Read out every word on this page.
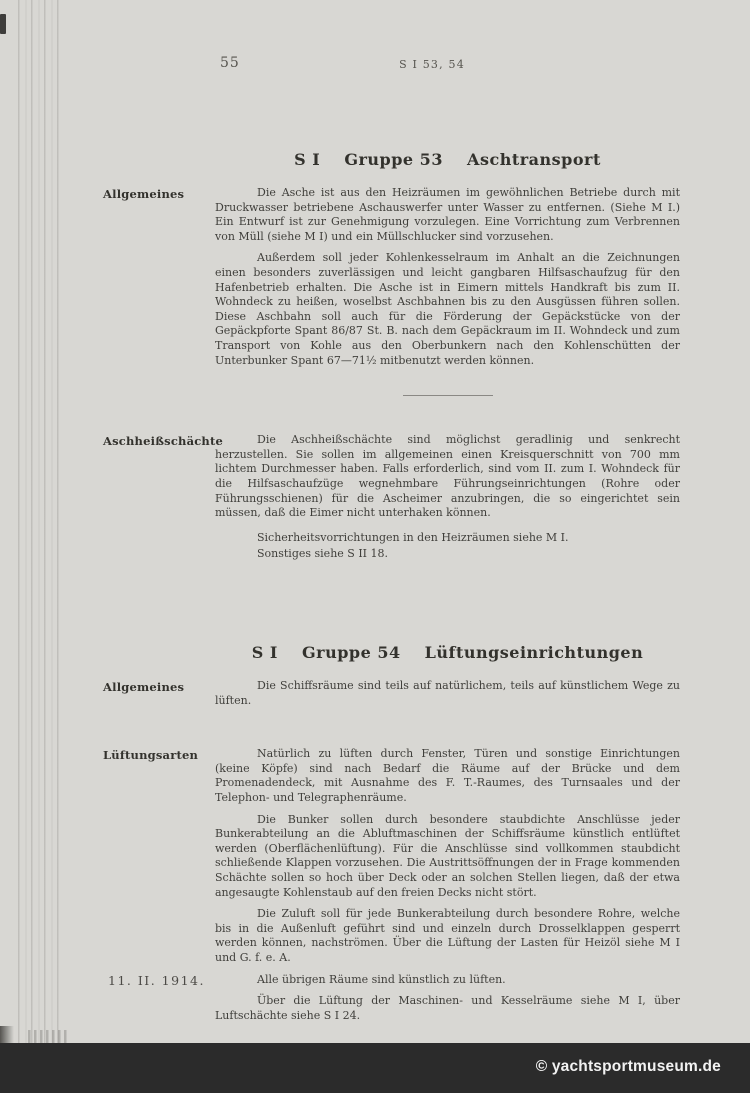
55	S I 53, 54
S I Gruppe 53 Aschtransport
Allgemeines	Die Asche ist aus den Heizräumen im gewöhnlichen Betriebe durch mit Druckwasser betriebene Aschauswerfer unter Wasser zu entfernen. (Siehe M I.) Ein Entwurf ist zur Genehmigung vorzulegen. Eine Vorrichtung zum Verbrennen von Müll (siehe M I) und ein Müllschlucker sind vorzusehen.

Außerdem soll jeder Kohlenkesselraum im Anhalt an die Zeichnungen einen besonders zuverlässigen und leicht gangbaren Hilfsaschaufzug für den Hafenbetrieb erhalten. Die Asche ist in Eimern mittels Handkraft bis zum II. Wohndeck zu heißen, woselbst Aschbahnen bis zu den Ausgüssen führen sollen. Diese Aschbahn soll auch für die Förderung der Gepäckstücke von der Gepäckpforte Spant 86/87 St. B. nach dem Gepäckraum im II. Wohndeck und zum Transport von Kohle aus den Oberbunkern nach den Kohlenschütten der Unterbunker Spant 67—71½ mitbenutzt werden können.

Aschheißschächte	Die Aschheißschächte sind möglichst geradlinig und senkrecht herzustellen. Sie sollen im allgemeinen einen Kreisquerschnitt von 700 mm lichtem Durchmesser haben. Falls erforderlich, sind vom II. zum I. Wohndeck für die Hilfsaschaufzüge wegnehmbare Führungseinrichtungen (Rohre oder Führungsschienen) für die Ascheimer anzubringen, die so eingerichtet sein müssen, daß die Eimer nicht unterhaken können.

Sicherheitsvorrichtungen in den Heizräumen siehe M I.
Sonstiges siehe S II 18.
S I Gruppe 54 Lüftungseinrichtungen
Allgemeines	Die Schiffsräume sind teils auf natürlichem, teils auf künstlichem Wege zu lüften.

Lüftungsarten	Natürlich zu lüften durch Fenster, Türen und sonstige Einrichtungen (keine Köpfe) sind nach Bedarf die Räume auf der Brücke und dem Promenadendeck, mit Ausnahme des F. T.-Raumes, des Turnsaales und der Telephon- und Telegraphenräume.

Die Bunker sollen durch besondere staubdichte Anschlüsse jeder Bunkerabteilung an die Abluftmaschinen der Schiffsräume künstlich entlüftet werden (Oberflächenlüftung). Für die Anschlüsse sind vollkommen staubdicht schließende Klappen vorzusehen. Die Austrittsöffnungen der in Frage kommenden Schächte sollen so hoch über Deck oder an solchen Stellen liegen, daß der etwa angesaugte Kohlenstaub auf den freien Decks nicht stört.

Die Zuluft soll für jede Bunkerabteilung durch besondere Rohre, welche bis in die Außenluft geführt sind und einzeln durch Drosselklappen gesperrt werden können, nachströmen. Über die Lüftung der Lasten für Heizöl siehe M I und G. f. e. A.

Alle übrigen Räume sind künstlich zu lüften.

Über die Lüftung der Maschinen- und Kesselräume siehe M I, über Luftschächte siehe S I 24.

11. II. 1914.
© yachtsportmuseum.de
